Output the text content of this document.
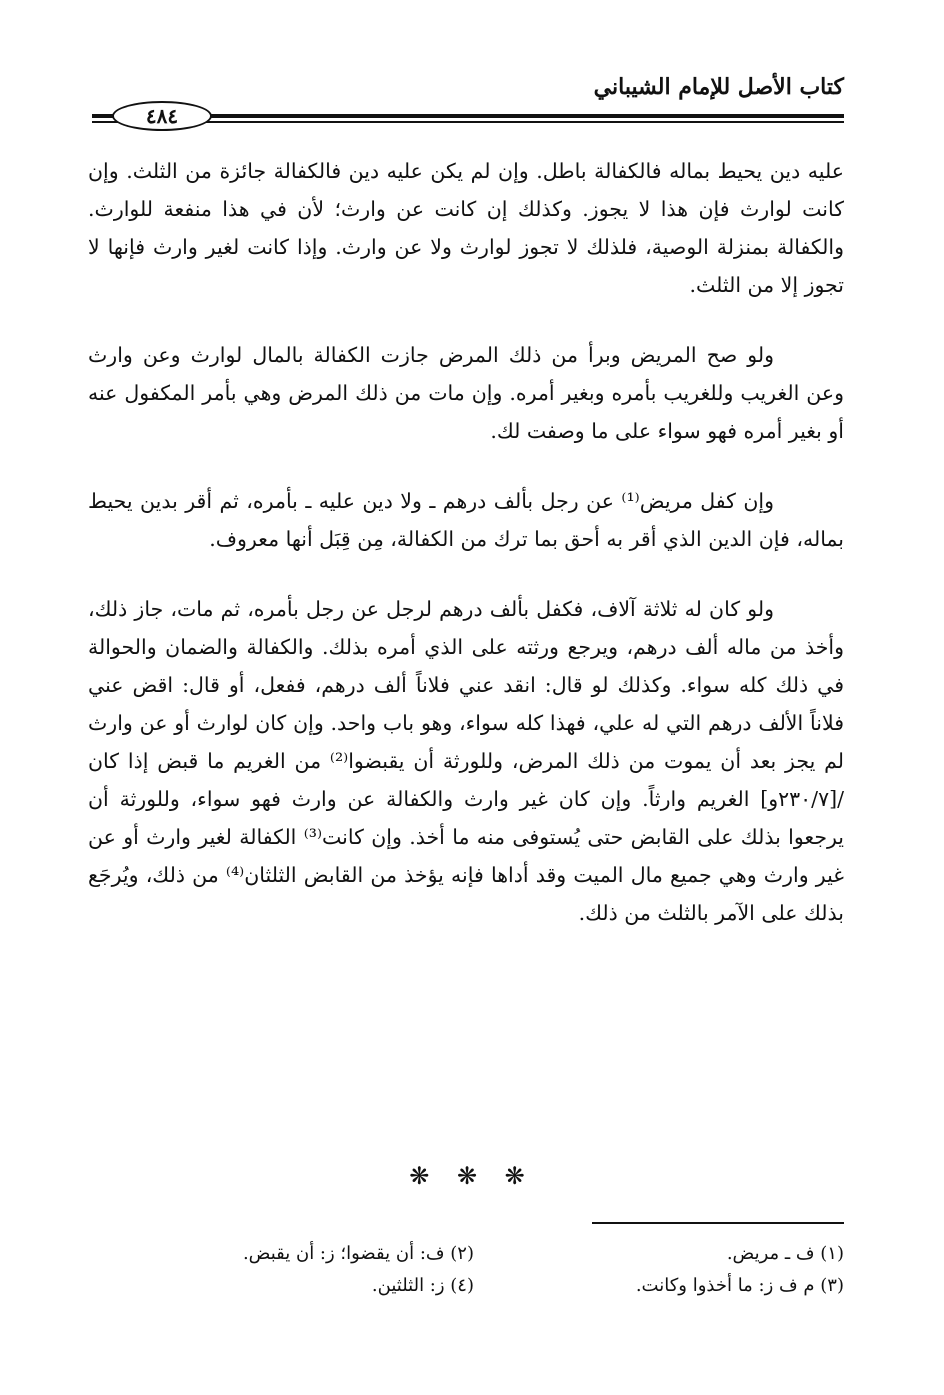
كتاب الأصل للإمام الشيباني
٤٨٤

عليه دين يحيط بماله فالكفالة باطل. وإن لم يكن عليه دين فالكفالة جائزة من الثلث. وإن كانت لوارث فإن هذا لا يجوز. وكذلك إن كانت عن وارث؛ لأن في هذا منفعة للوارث. والكفالة بمنزلة الوصية، فلذلك لا تجوز لوارث ولا عن وارث. وإذا كانت لغير وارث فإنها لا تجوز إلا من الثلث.

ولو صح المريض وبرأ من ذلك المرض جازت الكفالة بالمال لوارث وعن وارث وعن الغريب وللغريب بأمره وبغير أمره. وإن مات من ذلك المرض وهي بأمر المكفول عنه أو بغير أمره فهو سواء على ما وصفت لك.

وإن كفل مريض⁽¹⁾ عن رجل بألف درهم ـ ولا دين عليه ـ بأمره، ثم أقر بدين يحيط بماله، فإن الدين الذي أقر به أحق بما ترك من الكفالة، مِن قِبَل أنها معروف.

ولو كان له ثلاثة آلاف، فكفل بألف درهم لرجل عن رجل بأمره، ثم مات، جاز ذلك، وأخذ من ماله ألف درهم، ويرجع ورثته على الذي أمره بذلك. والكفالة والضمان والحوالة في ذلك كله سواء. وكذلك لو قال: انقد عني فلاناً ألف درهم، ففعل، أو قال: اقض عني فلاناً الألف درهم التي له علي، فهذا كله سواء، وهو باب واحد. وإن كان لوارث أو عن وارث لم يجز بعد أن يموت من ذلك المرض، وللورثة أن يقبضوا⁽²⁾ من الغريم ما قبض إذا كان /[٢٣٠/٧و] الغريم وارثاً. وإن كان غير وارث والكفالة عن وارث فهو سواء، وللورثة أن يرجعوا بذلك على القابض حتى يُستوفى منه ما أخذ. وإن كانت⁽³⁾ الكفالة لغير وارث أو عن غير وارث وهي جميع مال الميت وقد أداها فإنه يؤخذ من القابض الثلثان⁽⁴⁾ من ذلك، ويُرجَع بذلك على الآمر بالثلث من ذلك.

❋ ❋ ❋
(١) ف ـ مريض.
(٢) ف: أن يقضوا؛ ز: أن يقبض.
(٣) م ف ز: ما أخذوا وكانت.
(٤) ز: الثلثين.
